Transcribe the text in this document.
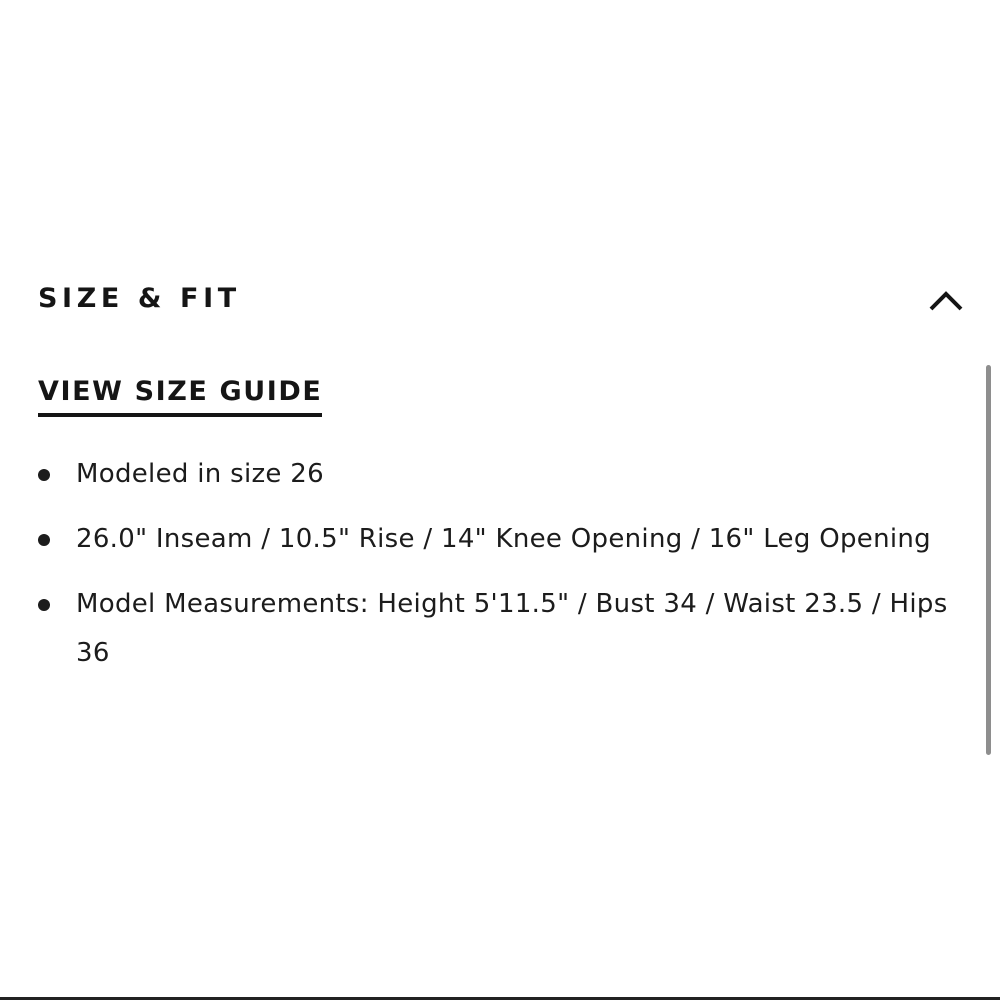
SIZE & FIT
VIEW SIZE GUIDE
Modeled in size 26
26.0" Inseam / 10.5" Rise / 14" Knee Opening / 16" Leg Opening
Model Measurements: Height 5'11.5" / Bust 34 / Waist 23.5 / Hips 36
